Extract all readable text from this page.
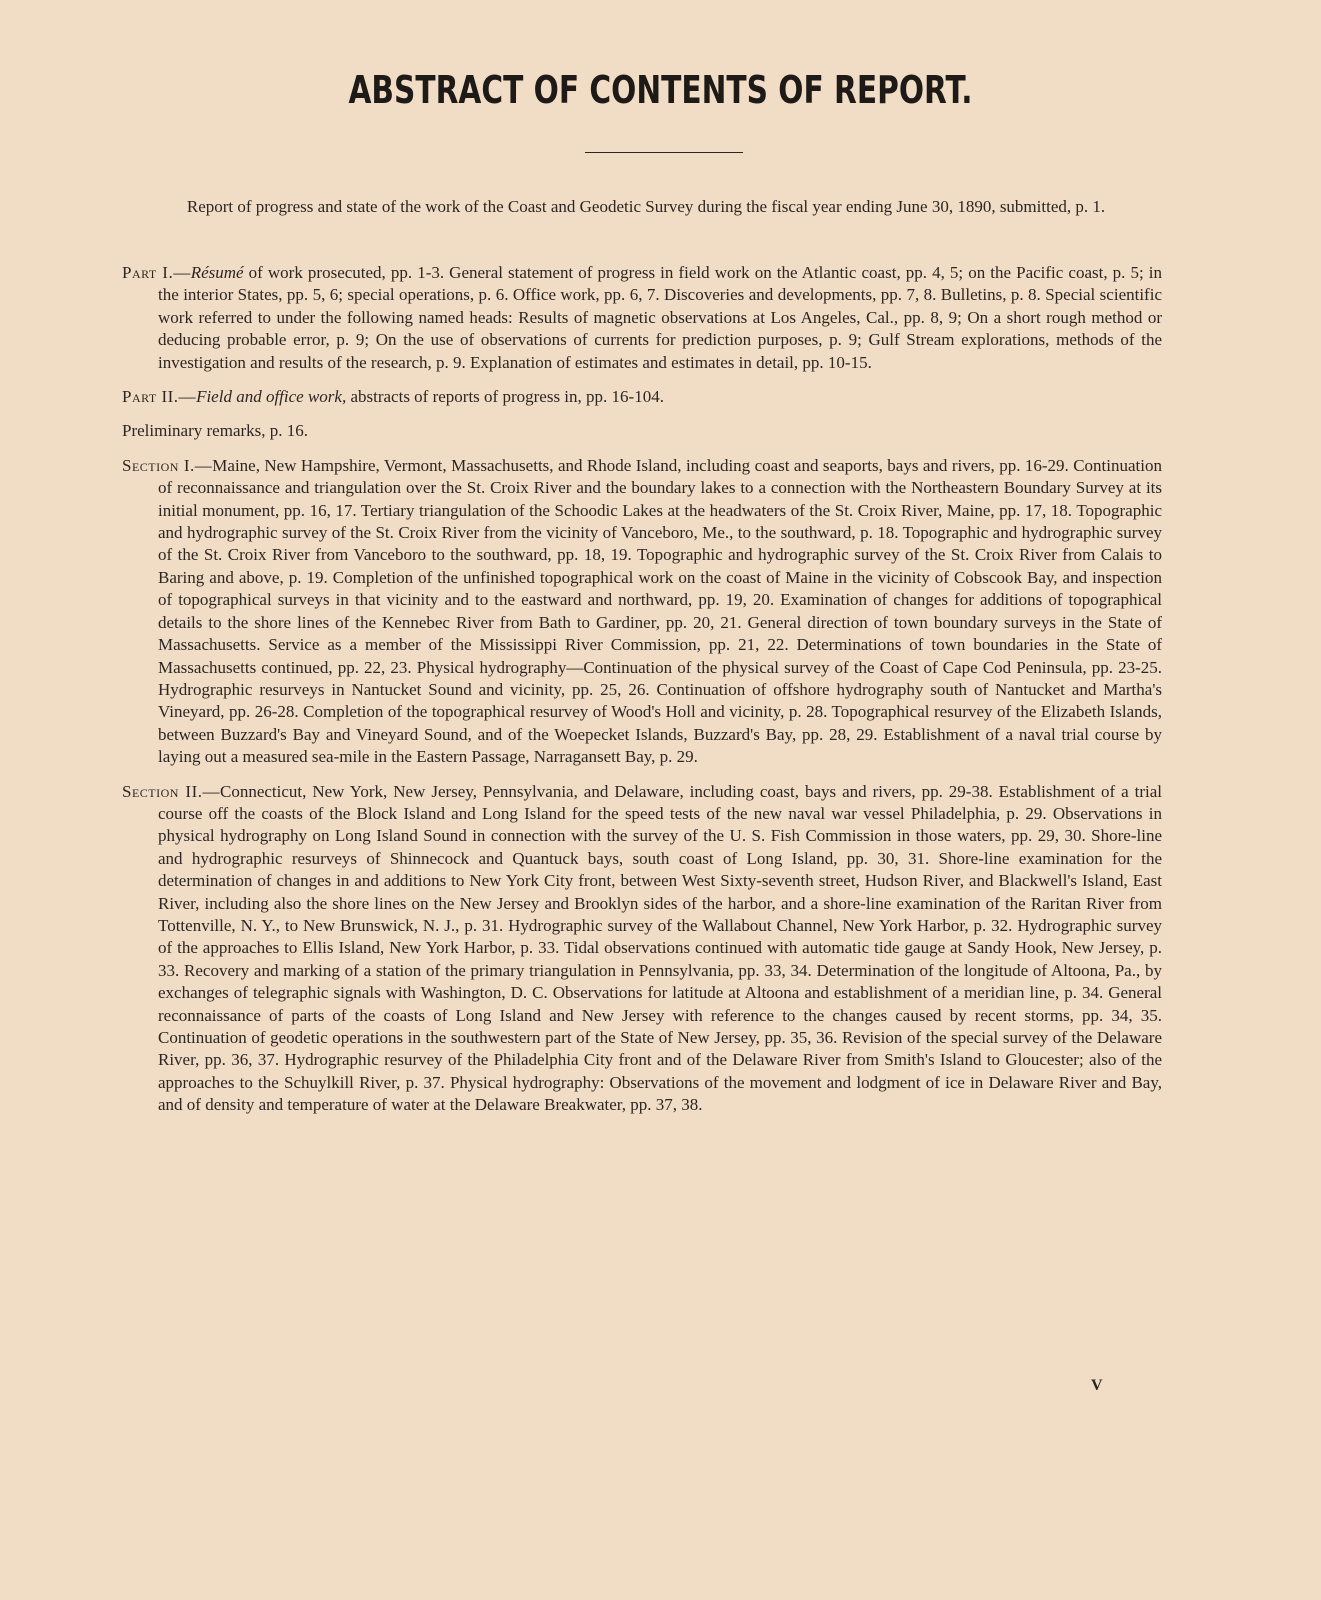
ABSTRACT OF CONTENTS OF REPORT.
Report of progress and state of the work of the Coast and Geodetic Survey during the fiscal year ending June 30, 1890, submitted, p. 1.

Part I.—Résumé of work prosecuted, pp. 1-3. General statement of progress in field work on the Atlantic coast, pp. 4, 5; on the Pacific coast, p. 5; in the interior States, pp. 5, 6; special operations, p. 6. Office work, pp. 6, 7. Discoveries and developments, pp. 7, 8. Bulletins, p. 8. Special scientific work referred to under the following named heads: Results of magnetic observations at Los Angeles, Cal., pp. 8, 9; On a short rough method or deducing probable error, p. 9; On the use of observations of currents for prediction purposes, p. 9; Gulf Stream explorations, methods of the investigation and results of the research, p. 9. Explanation of estimates and estimates in detail, pp. 10-15.

Part II.—Field and office work, abstracts of reports of progress in, pp. 16-104.

Preliminary remarks, p. 16.

Section I.—Maine, New Hampshire, Vermont, Massachusetts, and Rhode Island, including coast and seaports, bays and rivers, pp. 16-29. Continuation of reconnaissance and triangulation over the St. Croix River and the boundary lakes to a connection with the Northeastern Boundary Survey at its initial monument, pp. 16, 17. Tertiary triangulation of the Schoodic Lakes at the headwaters of the St. Croix River, Maine, pp. 17, 18. Topographic and hydrographic survey of the St. Croix River from the vicinity of Vanceboro, Me., to the southward, p. 18. Topographic and hydrographic survey of the St. Croix River from Vanceboro to the southward, pp. 18, 19. Topographic and hydrographic survey of the St. Croix River from Calais to Baring and above, p. 19. Completion of the unfinished topographical work on the coast of Maine in the vicinity of Cobscook Bay, and inspection of topographical surveys in that vicinity and to the eastward and northward, pp. 19, 20. Examination of changes for additions of topographical details to the shore lines of the Kennebec River from Bath to Gardiner, pp. 20, 21. General direction of town boundary surveys in the State of Massachusetts. Service as a member of the Mississippi River Commission, pp. 21, 22. Determinations of town boundaries in the State of Massachusetts continued, pp. 22, 23. Physical hydrography—Continuation of the physical survey of the Coast of Cape Cod Peninsula, pp. 23-25. Hydrographic resurveys in Nantucket Sound and vicinity, pp. 25, 26. Continuation of offshore hydrography south of Nantucket and Martha's Vineyard, pp. 26-28. Completion of the topographical resurvey of Wood's Holl and vicinity, p. 28. Topographical resurvey of the Elizabeth Islands, between Buzzard's Bay and Vineyard Sound, and of the Woepecket Islands, Buzzard's Bay, pp. 28, 29. Establishment of a naval trial course by laying out a measured sea-mile in the Eastern Passage, Narragansett Bay, p. 29.

Section II.—Connecticut, New York, New Jersey, Pennsylvania, and Delaware, including coast, bays and rivers, pp. 29-38. Establishment of a trial course off the coasts of the Block Island and Long Island for the speed tests of the new naval war vessel Philadelphia, p. 29. Observations in physical hydrography on Long Island Sound in connection with the survey of the U. S. Fish Commission in those waters, pp. 29, 30. Shore-line and hydrographic resurveys of Shinnecock and Quantuck bays, south coast of Long Island, pp. 30, 31. Shore-line examination for the determination of changes in and additions to New York City front, between West Sixty-seventh street, Hudson River, and Blackwell's Island, East River, including also the shore lines on the New Jersey and Brooklyn sides of the harbor, and a shore-line examination of the Raritan River from Tottenville, N. Y., to New Brunswick, N. J., p. 31. Hydrographic survey of the Wallabout Channel, New York Harbor, p. 32. Hydrographic survey of the approaches to Ellis Island, New York Harbor, p. 33. Tidal observations continued with automatic tide gauge at Sandy Hook, New Jersey, p. 33. Recovery and marking of a station of the primary triangulation in Pennsylvania, pp. 33, 34. Determination of the longitude of Altoona, Pa., by exchanges of telegraphic signals with Washington, D. C. Observations for latitude at Altoona and establishment of a meridian line, p. 34. General reconnaissance of parts of the coasts of Long Island and New Jersey with reference to the changes caused by recent storms, pp. 34, 35. Continuation of geodetic operations in the southwestern part of the State of New Jersey, pp. 35, 36. Revision of the special survey of the Delaware River, pp. 36, 37. Hydrographic resurvey of the Philadelphia City front and of the Delaware River from Smith's Island to Gloucester; also of the approaches to the Schuylkill River, p. 37. Physical hydrography: Observations of the movement and lodgment of ice in Delaware River and Bay, and of density and temperature of water at the Delaware Breakwater, pp. 37, 38.

V
